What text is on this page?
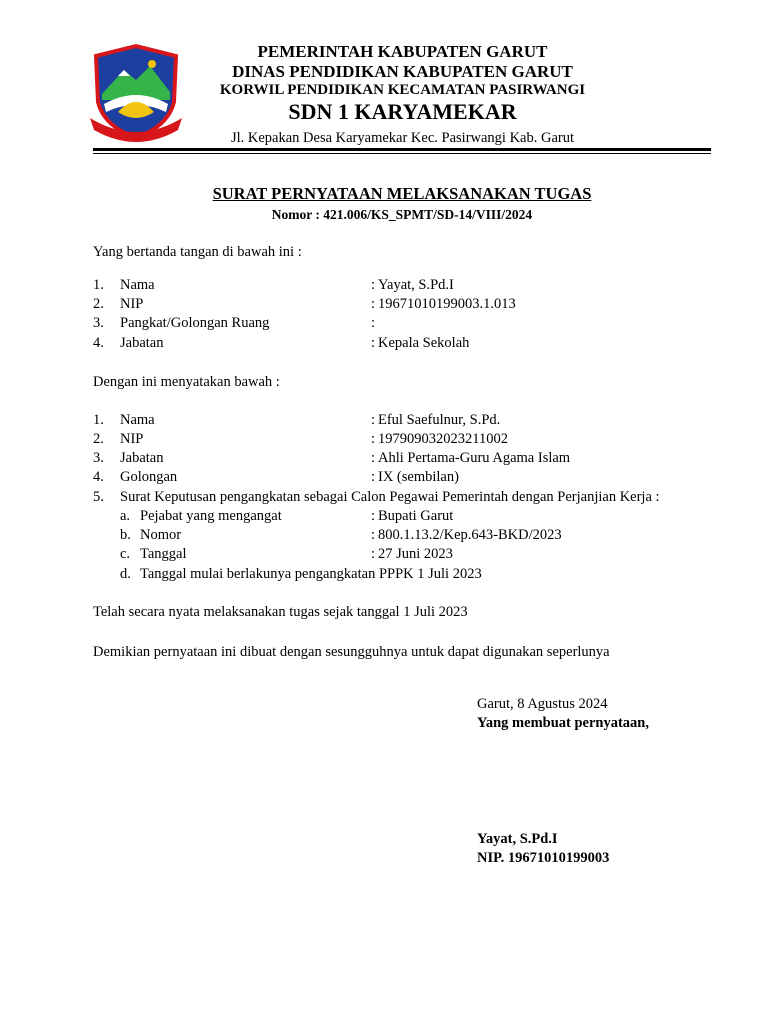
PEMERINTAH KABUPATEN GARUT
DINAS PENDIDIKAN KABUPATEN GARUT
KORWIL PENDIDIKAN KECAMATAN PASIRWANGI
SDN 1 KARYAMEKAR
Jl. Kepakan Desa Karyamekar Kec. Pasirwangi Kab. Garut
SURAT PERNYATAAN MELAKSANAKAN TUGAS
Nomor : 421.006/KS_SPMT/SD-14/VIII/2024
Yang bertanda tangan di bawah ini :
1. Nama	: Yayat, S.Pd.I
2. NIP	: 19671010199003.1.013
3. Pangkat/Golongan Ruang	:
4. Jabatan	: Kepala Sekolah
Dengan ini menyatakan bawah :
1. Nama	: Eful Saefulnur, S.Pd.
2. NIP	: 197909032023211002
3. Jabatan	: Ahli Pertama-Guru Agama Islam
4. Golongan	: IX (sembilan)
5. Surat Keputusan pengangkatan sebagai Calon Pegawai Pemerintah dengan Perjanjian Kerja :
a. Pejabat yang mengangat	: Bupati Garut
b. Nomor	: 800.1.13.2/Kep.643-BKD/2023
c. Tanggal	: 27 Juni 2023
d. Tanggal mulai berlakunya pengangkatan PPPK 1 Juli 2023
Telah secara nyata melaksanakan tugas sejak tanggal 1 Juli 2023
Demikian pernyataan ini dibuat dengan sesungguhnya untuk dapat digunakan seperlunya
Garut, 8 Agustus 2024
Yang membuat pernyataan,
Yayat, S.Pd.I
NIP. 19671010199003
